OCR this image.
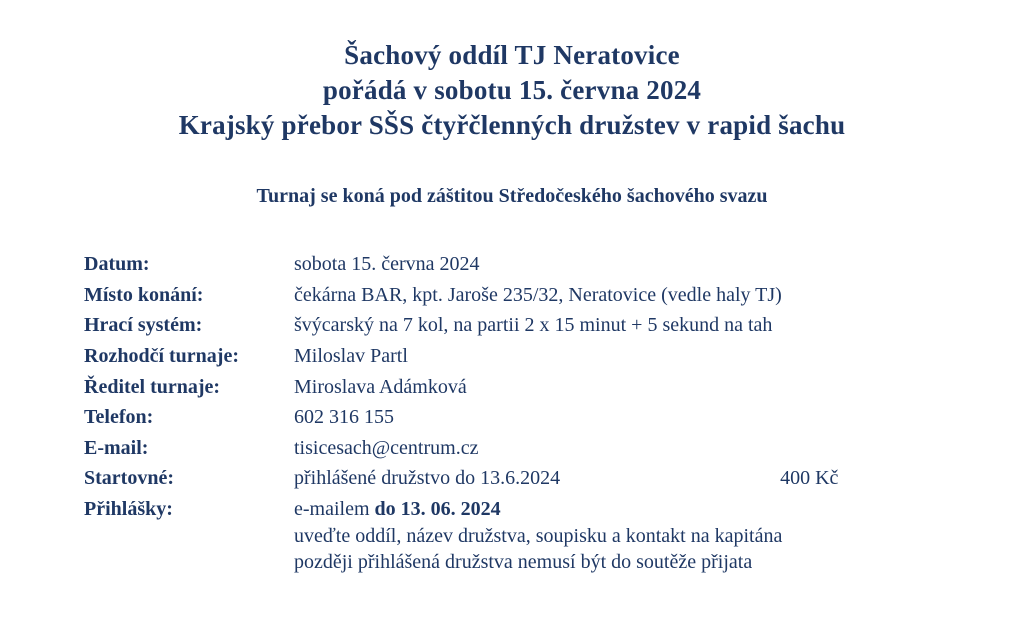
Šachový oddíl TJ Neratovice
pořádá v sobotu 15. června 2024
Krajský přebor SŠS čtyřčlenných družstev v rapid šachu
Turnaj se koná pod záštitou Středočeského šachového svazu
Datum:	sobota 15. června 2024
Místo konání:	čekárna BAR, kpt. Jaroše 235/32, Neratovice (vedle haly TJ)
Hrací systém:	švýcarský na 7 kol, na partii 2 x 15 minut + 5 sekund na tah
Rozhodčí turnaje:	Miloslav Partl
Ředitel turnaje:	Miroslava Adámková
Telefon:	602 316 155
E-mail:	tisicesach@centrum.cz
Startovné:	přihlášené družstvo do 13.6.2024 400 Kč

Přihlášky:	e-mailem do 13. 06. 2024
uveďte oddíl, název družstva, soupisku a kontakt na kapitána
později přihlášená družstva nemusí být do soutěže přijata
